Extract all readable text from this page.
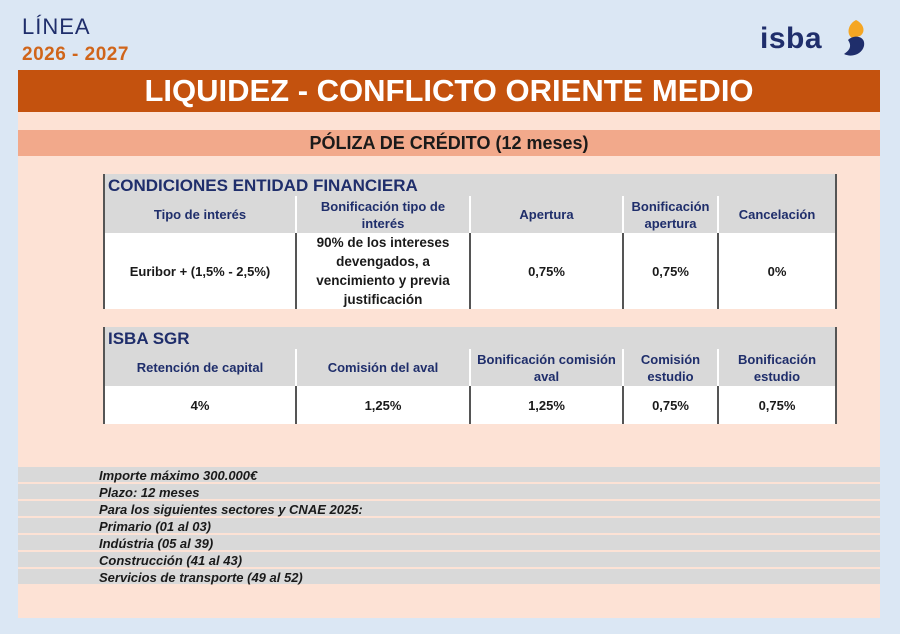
LÍNEA
2026 - 2027	isba
LIQUIDEZ - CONFLICTO ORIENTE MEDIO
PÓLIZA DE CRÉDITO (12 meses)
CONDICIONES ENTIDAD FINANCIERA				
Tipo de interés	Bonificación tipo de interés	Apertura	Bonificación apertura	Cancelación
Euribor + (1,5% - 2,5%)	90% de los intereses devengados, a vencimiento y previa justificación	0,75%	0,75%	0%
ISBA SGR				
Retención de capital	Comisión del aval	Bonificación comisión aval	Comisión estudio	Bonificación estudio
4%	1,25%	1,25%	0,75%	0,75%
Importe máximo 300.000€
Plazo: 12 meses
Para los siguientes sectores y CNAE 2025:
Primario (01 al 03)
Indústria (05 al 39)
Construcción (41 al 43)
Servicios de transporte (49 al 52)
